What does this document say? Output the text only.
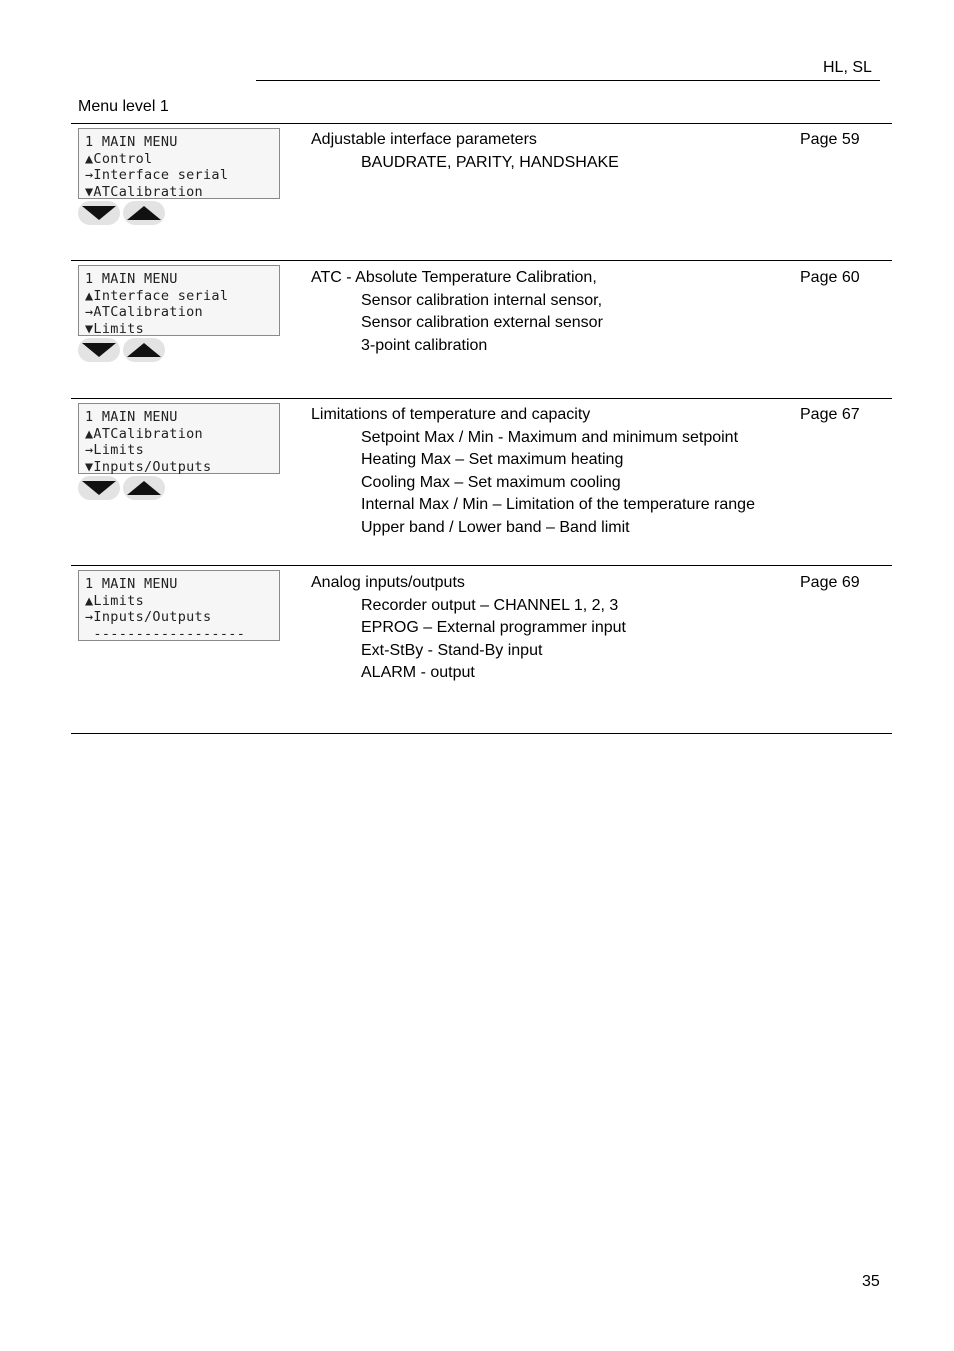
HL, SL
Menu level 1
1 MAIN MENU
▲Control
→Interface serial
▼ATCalibration
Adjustable interface parameters
BAUDRATE, PARITY, HANDSHAKE
Page 59
1 MAIN MENU
▲Interface serial
→ATCalibration
▼Limits
ATC - Absolute Temperature Calibration,
Sensor calibration internal sensor,
Sensor calibration external sensor
3-point calibration
Page 60
1 MAIN MENU
▲ATCalibration
→Limits
▼Inputs/Outputs
Limitations of temperature and capacity
Setpoint Max / Min - Maximum and minimum setpoint
Heating Max – Set maximum heating
Cooling Max – Set maximum cooling
Internal Max / Min – Limitation of the temperature range
Upper band / Lower band – Band limit
Page 67
1 MAIN MENU
▲Limits
→Inputs/Outputs
------------------
Analog inputs/outputs
Recorder output – CHANNEL 1, 2, 3
EPROG – External programmer input
Ext-StBy - Stand-By input
ALARM - output
Page 69
35
